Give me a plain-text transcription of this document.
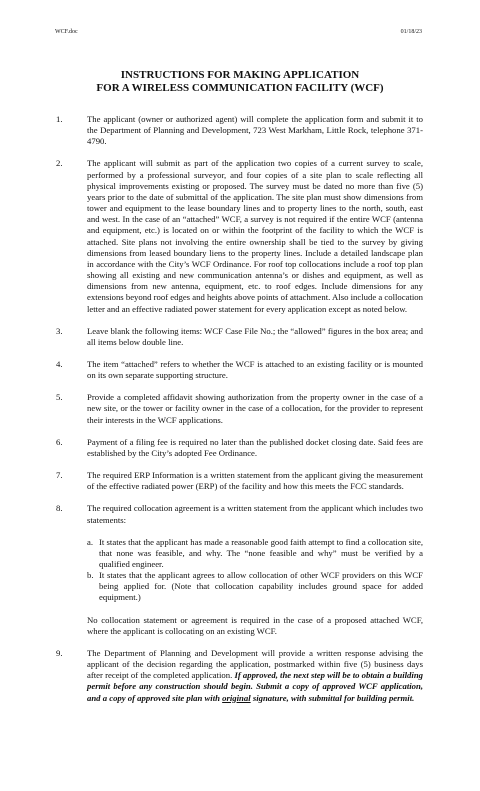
WCF.doc	01/18/23
INSTRUCTIONS FOR MAKING APPLICATION
FOR A WIRELESS COMMUNICATION FACILITY (WCF)
1.	The applicant (owner or authorized agent) will complete the application form and submit it to the Department of Planning and Development, 723 West Markham, Little Rock, telephone 371-4790.
2.	The applicant will submit as part of the application two copies of a current survey to scale, performed by a professional surveyor, and four copies of a site plan to scale reflecting all physical improvements existing or proposed. The survey must be dated no more than five (5) years prior to the date of submittal of the application. The site plan must show dimensions from tower and equipment to the lease boundary lines and to property lines to the north, south, east and west. In the case of an “attached” WCF, a survey is not required if the entire WCF (antenna and equipment, etc.) is located on or within the footprint of the facility to which the WCF is attached. Site plans not involving the entire ownership shall be tied to the survey by giving dimensions from leased boundary liens to the property lines. Include a detailed landscape plan in accordance with the City’s WCF Ordinance. For roof top collocations include a roof top plan showing all existing and new communication antenna’s or dishes and equipment, as well as dimensions from new antenna, equipment, etc. to roof edges. Include dimensions for any extensions beyond roof edges and heights above points of attachment. Also include a collocation letter and an effective radiated power statement for every application except as noted below.
3.	Leave blank the following items: WCF Case File No.; the “allowed” figures in the box area; and all items below double line.
4.	The item “attached” refers to whether the WCF is attached to an existing facility or is mounted on its own separate supporting structure.
5.	Provide a completed affidavit showing authorization from the property owner in the case of a new site, or the tower or facility owner in the case of a collocation, for the provider to represent their interests in the WCF applications.
6.	Payment of a filing fee is required no later than the published docket closing date. Said fees are established by the City’s adopted Fee Ordinance.
7.	The required ERP Information is a written statement from the applicant giving the measurement of the effective radiated power (ERP) of the facility and how this meets the FCC standards.
8.	The required collocation agreement is a written statement from the applicant which includes two statements:
a. It states that the applicant has made a reasonable good faith attempt to find a collocation site, that none was feasible, and why. The “none feasible and why” must be verified by a qualified engineer.
b. It states that the applicant agrees to allow collocation of other WCF providers on this WCF being applied for. (Note that collocation capability includes ground space for added equipment.)
No collocation statement or agreement is required in the case of a proposed attached WCF, where the applicant is collocating on an existing WCF.
9.	The Department of Planning and Development will provide a written response advising the applicant of the decision regarding the application, postmarked within five (5) business days after receipt of the completed application. If approved, the next step will be to obtain a building permit before any construction should begin. Submit a copy of approved WCF application, and a copy of approved site plan with original signature, with submittal for building permit.
